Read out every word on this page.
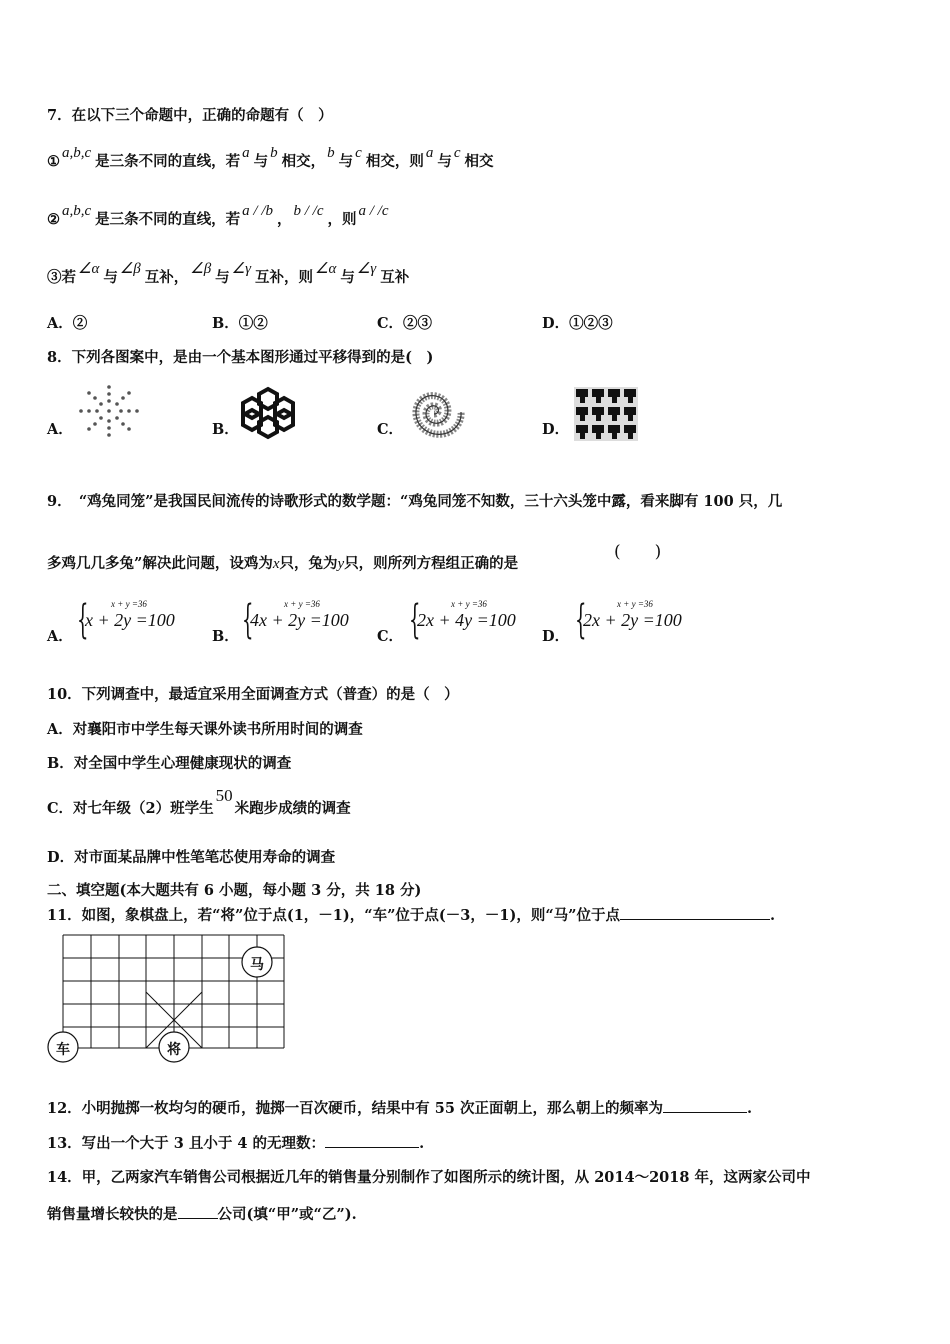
7．在以下三个命题中，正确的命题有（　）
① a,b,c 是三条不同的直线，若 a 与 b 相交， b 与 c 相交，则 a 与 c 相交
② a,b,c 是三条不同的直线，若 a / /b ， b / /c ，则 a / /c
③若 ∠α 与 ∠β 互补， ∠β 与 ∠γ 互补，则 ∠α 与 ∠γ 互补
A．②	B．①②	C．②③	D．①②③
8．下列各图案中，是由一个基本图形通过平移得到的是(　)
A．	B．	C．	D．
9．　“鸡兔同笼”是我国民间流传的诗歌形式的数学题：“鸡兔同笼不知数，三十六头笼中露，看来脚有 100 只，几
多鸡几几多兔”解决此问题，设鸡为x只，兔为y只，则所列方程组正确的是
(　　)
A． {	x + y =36
x + 2y =100
B． {	x + y =36
4x + 2y =100
C． {	x + y =36
2x + 4y =100
D． {	x + y =36
2x + 2y =100
10．下列调查中，最适宜采用全面调查方式（普查）的是（　）
A．对襄阳市中学生每天课外读书所用时间的调查
B．对全国中学生心理健康现状的调查
C．对七年级（2）班学生50米跑步成绩的调查
D．对市面某品牌中性笔笔芯使用寿命的调查
二、填空题(本大题共有 6 小题，每小题 3 分，共 18 分)
11．如图，象棋盘上，若“将”位于点(1，－1)，“车”位于点(－3，－1)，则“马”位于点	.
马
车	将
12．小明抛掷一枚均匀的硬币，抛掷一百次硬币，结果中有 55 次正面朝上，那么朝上的频率为	.
13．写出一个大于 3 且小于 4 的无理数：	.
14．甲，乙两家汽车销售公司根据近几年的销售量分别制作了如图所示的统计图，从 2014～2018 年，这两家公司中
销售量增长较快的是	公司(填“甲”或“乙”).
